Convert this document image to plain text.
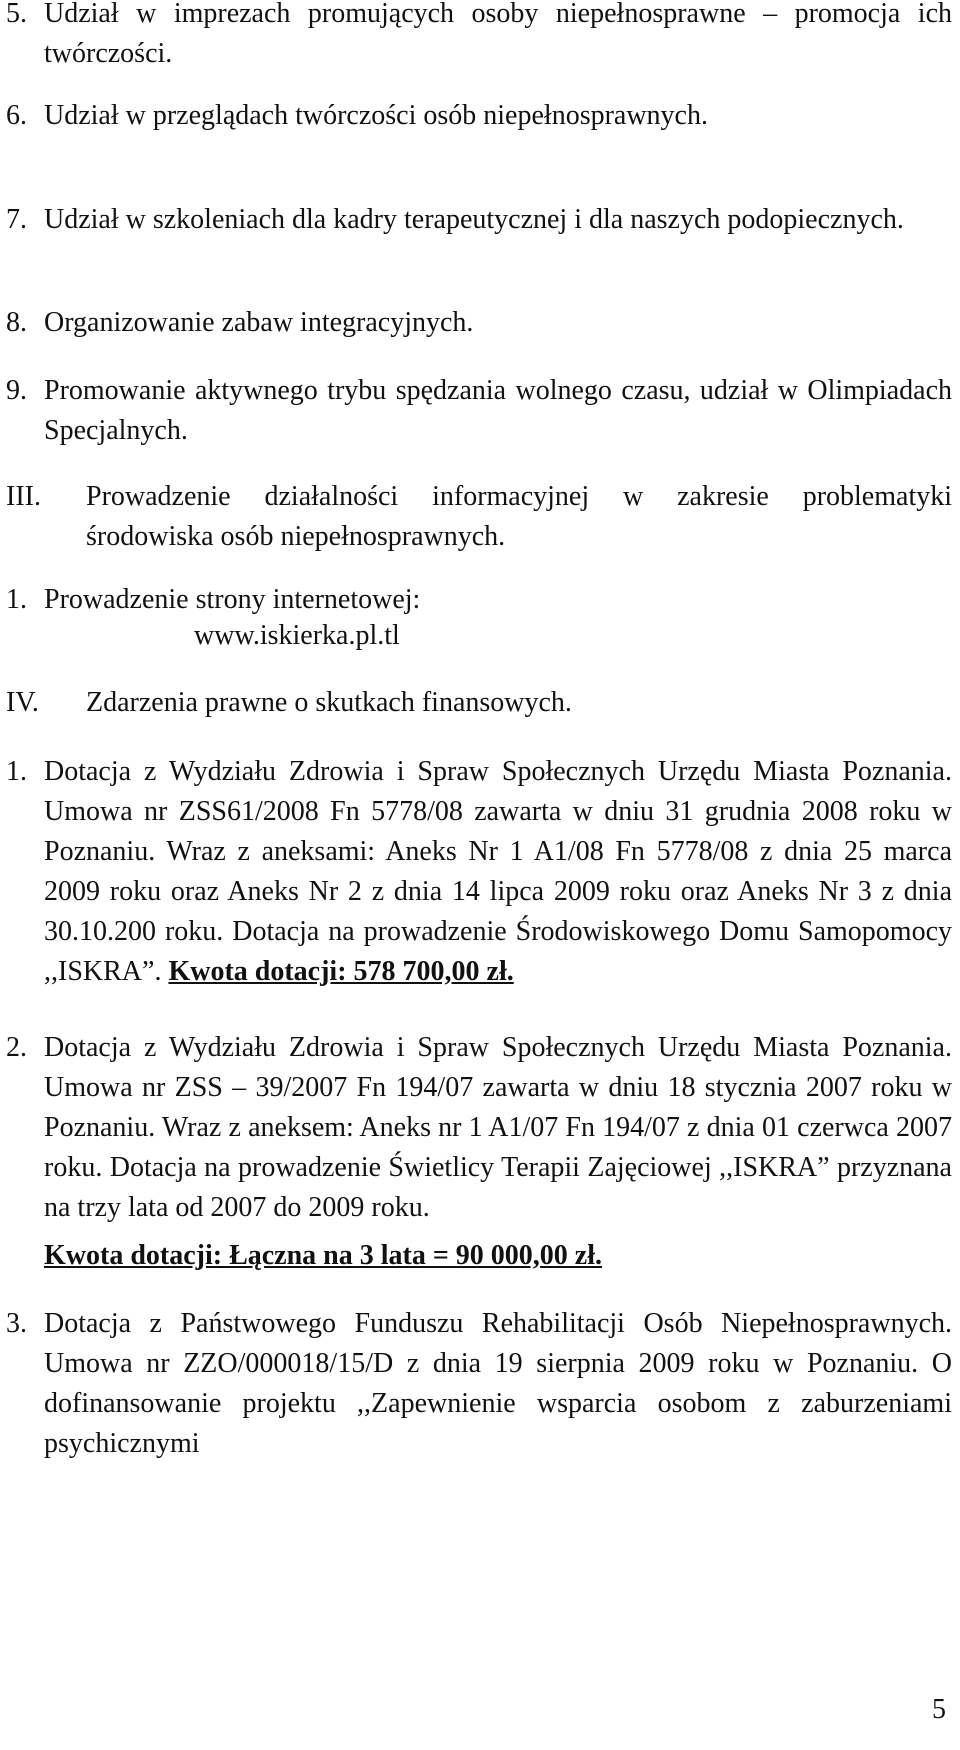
5. Udział w imprezach promujących osoby niepełnosprawne – promocja ich twórczości.
6. Udział w przeglądach twórczości osób niepełnosprawnych.
7. Udział w szkoleniach dla kadry terapeutycznej i dla naszych podopiecznych.
8. Organizowanie zabaw integracyjnych.
9. Promowanie aktywnego trybu spędzania wolnego czasu, udział w Olimpiadach Specjalnych.
III. Prowadzenie działalności informacyjnej w zakresie problematyki środowiska osób niepełnosprawnych.
1. Prowadzenie strony internetowej:
www.iskierka.pl.tl
IV. Zdarzenia prawne o skutkach finansowych.
1. Dotacja z Wydziału Zdrowia i Spraw Społecznych Urzędu Miasta Poznania. Umowa nr ZSS61/2008 Fn 5778/08 zawarta w dniu 31 grudnia 2008 roku w Poznaniu. Wraz z aneksami: Aneks Nr 1 A1/08 Fn 5778/08 z dnia 25 marca 2009 roku oraz Aneks Nr 2 z dnia 14 lipca 2009 roku oraz Aneks Nr 3 z dnia 30.10.200 roku. Dotacja na prowadzenie Środowiskowego Domu Samopomocy ,,ISKRA”. Kwota dotacji: 578 700,00 zł.
2. Dotacja z Wydziału Zdrowia i Spraw Społecznych Urzędu Miasta Poznania. Umowa nr ZSS – 39/2007 Fn 194/07 zawarta w dniu 18 stycznia 2007 roku w Poznaniu. Wraz z aneksem: Aneks nr 1 A1/07 Fn 194/07 z dnia 01 czerwca 2007 roku. Dotacja na prowadzenie Świetlicy Terapii Zajęciowej ,,ISKRA” przyznana na trzy lata od 2007 do 2009 roku.
Kwota dotacji: Łączna na 3 lata = 90 000,00 zł.
3. Dotacja z Państwowego Funduszu Rehabilitacji Osób Niepełnosprawnych. Umowa nr ZZO/000018/15/D z dnia 19 sierpnia 2009 roku w Poznaniu. O dofinansowanie projektu ,,Zapewnienie wsparcia osobom z zaburzeniami psychicznymi
5
